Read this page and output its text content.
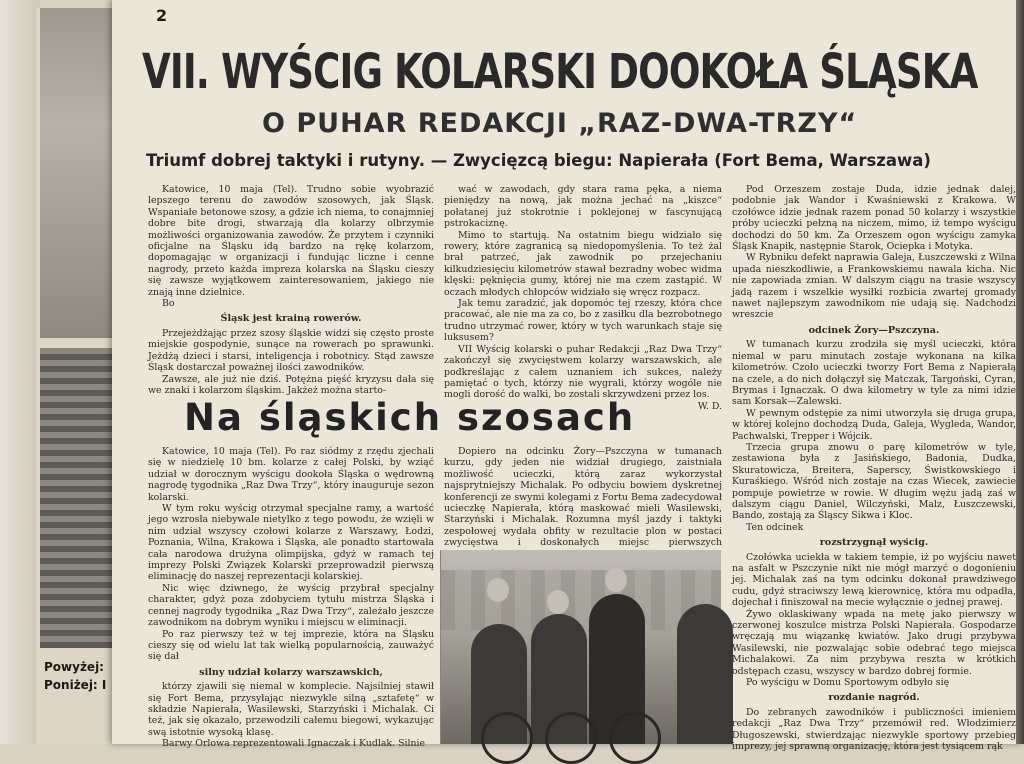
Powyżej:
Poniżej: I
2
VII. WYŚCIG KOLARSKI DOOKOŁA ŚLĄSKA
O PUHAR REDAKCJI „RAZ-DWA-TRZY“
Triumf dobrej taktyki i rutyny. — Zwycięzcą biegu: Napierała (Fort Bema, Warszawa)

Katowice, 10 maja (Tel). Trudno sobie wyobrazić lepszego terenu do zawodów szosowych, jak Śląsk. Wspaniałe betonowe szosy, a gdzie ich niema, to conajmniej dobre bite drogi, stwarzają dla kolarzy olbrzymie możliwości organizowania zawodów. Że przytem i czynniki oficjalne na Śląsku idą bardzo na rękę kolarzom, dopomagając w organizacji i fundując liczne i cenne nagrody, przeto każda impreza kolarska na Śląsku cieszy się zawsze wyjątkowem zainteresowaniem, jakiego nie znają inne dzielnice.

Bo

Śląsk jest krainą rowerów.

Przejeżdżając przez szosy śląskie widzi się często proste miejskie gospodynie, sunące na rowerach po sprawunki. Jeżdżą dzieci i starsi, inteligencja i robotnicy. Stąd zawsze Śląsk dostarczał poważnej ilości zawodników.

Zawsze, ale już nie dziś. Potężna pięść kryzysu dała się we znaki i kolarzom śląskim. Jakżeż można starto-

wać w zawodach, gdy stara rama pęka, a niema pieniędzy na nową, jak można jechać na „kiszce“ połatanej już stokrotnie i poklejonej w fascynującą pstrokaciznę.

Mimo to startują. Na ostatnim biegu widziało się rowery, które zagranicą są niedopomyślenia. To też żal brał patrzeć, jak zawodnik po przejechaniu kilkudziesięciu kilometrów stawał bezradny wobec widma klęski: pęknięcia gumy, której nie ma czem zastąpić. W oczach młodych chłopców widziało się wręcz rozpacz.

Jak temu zaradzić, jak dopomóc tej rzeszy, która chce pracować, ale nie ma za co, bo z zasiłku dla bezrobotnego trudno utrzymać rower, który w tych warunkach staje się luksusem?

VII Wyścig kolarski o puhar Redakcji „Raz Dwa Trzy“ zakończył się zwycięstwem kolarzy warszawskich, ale podkreślając z całem uznaniem ich sukces, należy pamiętać o tych, którzy nie wygrali, którzy wogóle nie mogli dorość do walki, bo zostali skrzywdzeni przez los.

W. D.

Na śląskich szosach

Katowice, 10 maja (Tel). Po raz siódmy z rzędu zjechali się w niedzielę 10 bm. kolarze z całej Polski, by wziąć udział w dorocznym wyścigu dookoła Śląska o wędrowną nagrodę tygodnika „Raz Dwa Trzy“, który inauguruje sezon kolarski.

W tym roku wyścig otrzymał specjalne ramy, a wartość jego wzrosła niebywale nietylko z tego powodu, że wzięli w nim udział wszyscy czołowi kolarze z Warszawy, Łodzi, Poznania, Wilna, Krakowa i Śląska, ale ponadto startowała cała narodowa drużyna olimpijska, gdyż w ramach tej imprezy Polski Związek Kolarski przeprowadził pierwszą eliminację do naszej reprezentacji kolarskiej.

Nic więc dziwnego, że wyścig przybrał specjalny charakter, gdyż poza zdobyciem tytułu mistrza Śląska i cennej nagrody tygodnika „Raz Dwa Trzy“, zależało jeszcze zawodnikom na dobrym wyniku i miejscu w eliminacji.

Po raz pierwszy też w tej imprezie, która na Śląsku cieszy się od wielu lat tak wielką popularnością, zauważyć się dał

silny udział kolarzy warszawskich,

którzy zjawili się niemal w komplecie. Najsilniej stawił się Fort Bema, przysyłając niezwykle silną „sztafetę“ w składzie Napierała, Wasilewski, Starzyński i Michalak. Ci też, jak się okazało, przewodzili całemu biegowi, wykazując swą istotnie wysoką klasę.

Barwy Orlowa reprezentowali Ignaczak i Kudlak. Silnie

Dopiero na odcinku Żory—Pszczyna w tumanach kurzu, gdy jeden nie widział drugiego, zaistniała możliwość ucieczki, którą zaraz wykorzystał najsprytniejszy Michalak. Po odbyciu bowiem dyskretnej konferencji ze swymi kolegami z Fortu Bema zadecydował ucieczkę Napierała, którą maskować mieli Wasilewski, Starzyński i Michalak. Rozumna myśl jazdy i taktyki zespołowej wydała obfity w rezultacie plon w postaci zwycięstwa i doskonałych miejsc pierwszych

Pod Orzeszem zostaje Duda, idzie jednak dalej, podobnie jak Wandor i Kwaśniewski z Krakowa. W czołówce idzie jednak razem ponad 50 kolarzy i wszystkie próby ucieczki pełzną na niczem, mimo, iż tempo wyścigu dochodzi do 50 km. Za Orzeszem ogon wyścigu zamyka Śląsk Knapik, następnie Starok, Ociepka i Motyka.

W Rybniku defekt naprawia Galeja, Łuszczewski z Wilna upada nieszkodliwie, a Frankowskiemu nawala kicha. Nic nie zapowiada zmian. W dalszym ciągu na trasie wszyscy jadą razem i wszelkie wysiłki rozbicia zwartej gromady nawet najlepszym zawodnikom nie udają się. Nadchodzi wreszcie

odcinek Żory—Pszczyna.

W tumanach kurzu zrodziła się myśl ucieczki, która niemal w paru minutach zostaje wykonana na kilka kilometrów. Czoło ucieczki tworzy Fort Bema z Napierałą na czele, a do nich dołączył się Matczak, Targoński, Cyran, Brymas i Ignaczak. O dwa kilometry w tyle za nimi idzie sam Korsak—Zalewski.

W pewnym odstępie za nimi utworzyła się druga grupa, w której kolejno dochodzą Duda, Galeja, Wygleda, Wandor, Pachwalski, Trepper i Wójcik.

Trzecia grupa znowu o parę kilometrów w tyle, zestawiona była z Jasińskiego, Badonia, Dudka, Skuratowicza, Breitera, Saperscy, Świstkowskiego i Kuraśkiego. Wśród nich zostaje na czas Wiecek, zawiecie pompuje powietrze w rowie. W długim wężu jadą zaś w dalszym ciągu Daniel, Wilczyński, Malz, Łuszczewski, Bando, zostają za Śląscy Sikwa i Kloc.

Ten odcinek

rozstrzygnął wyścig.

Czołówka uciekła w takiem tempie, iż po wyjściu nawet na asfalt w Pszczynie nikt nie mógł marzyć o dogonieniu jej. Michalak zaś na tym odcinku dokonał prawdziwego cudu, gdyż straciwszy lewą kierownicę, która mu odpadła, dojechał i finiszował na mecie wyłącznie o jednej prawej.

Żywo oklaskiwany wpada na metę jako pierwszy w czerwonej koszulce mistrza Polski Napierała. Gospodarze wręczają mu wiązankę kwiatów. Jako drugi przybywa Wasilewski, nie pozwalając sobie odebrać tego miejsca Michalakowi. Za nim przybywa reszta w krótkich odstępach czasu, wszyscy w bardzo dobrej formie.

Po wyścigu w Domu Sportowym odbyło się

rozdanie nagród.

Do zebranych zawodników i publiczności imieniem redakcji „Raz Dwa Trzy“ przemówił red. Włodzimierz Długoszewski, stwierdzając niezwykle sportowy przebieg imprezy, jej sprawną organizację, która jest tysiącem rąk
